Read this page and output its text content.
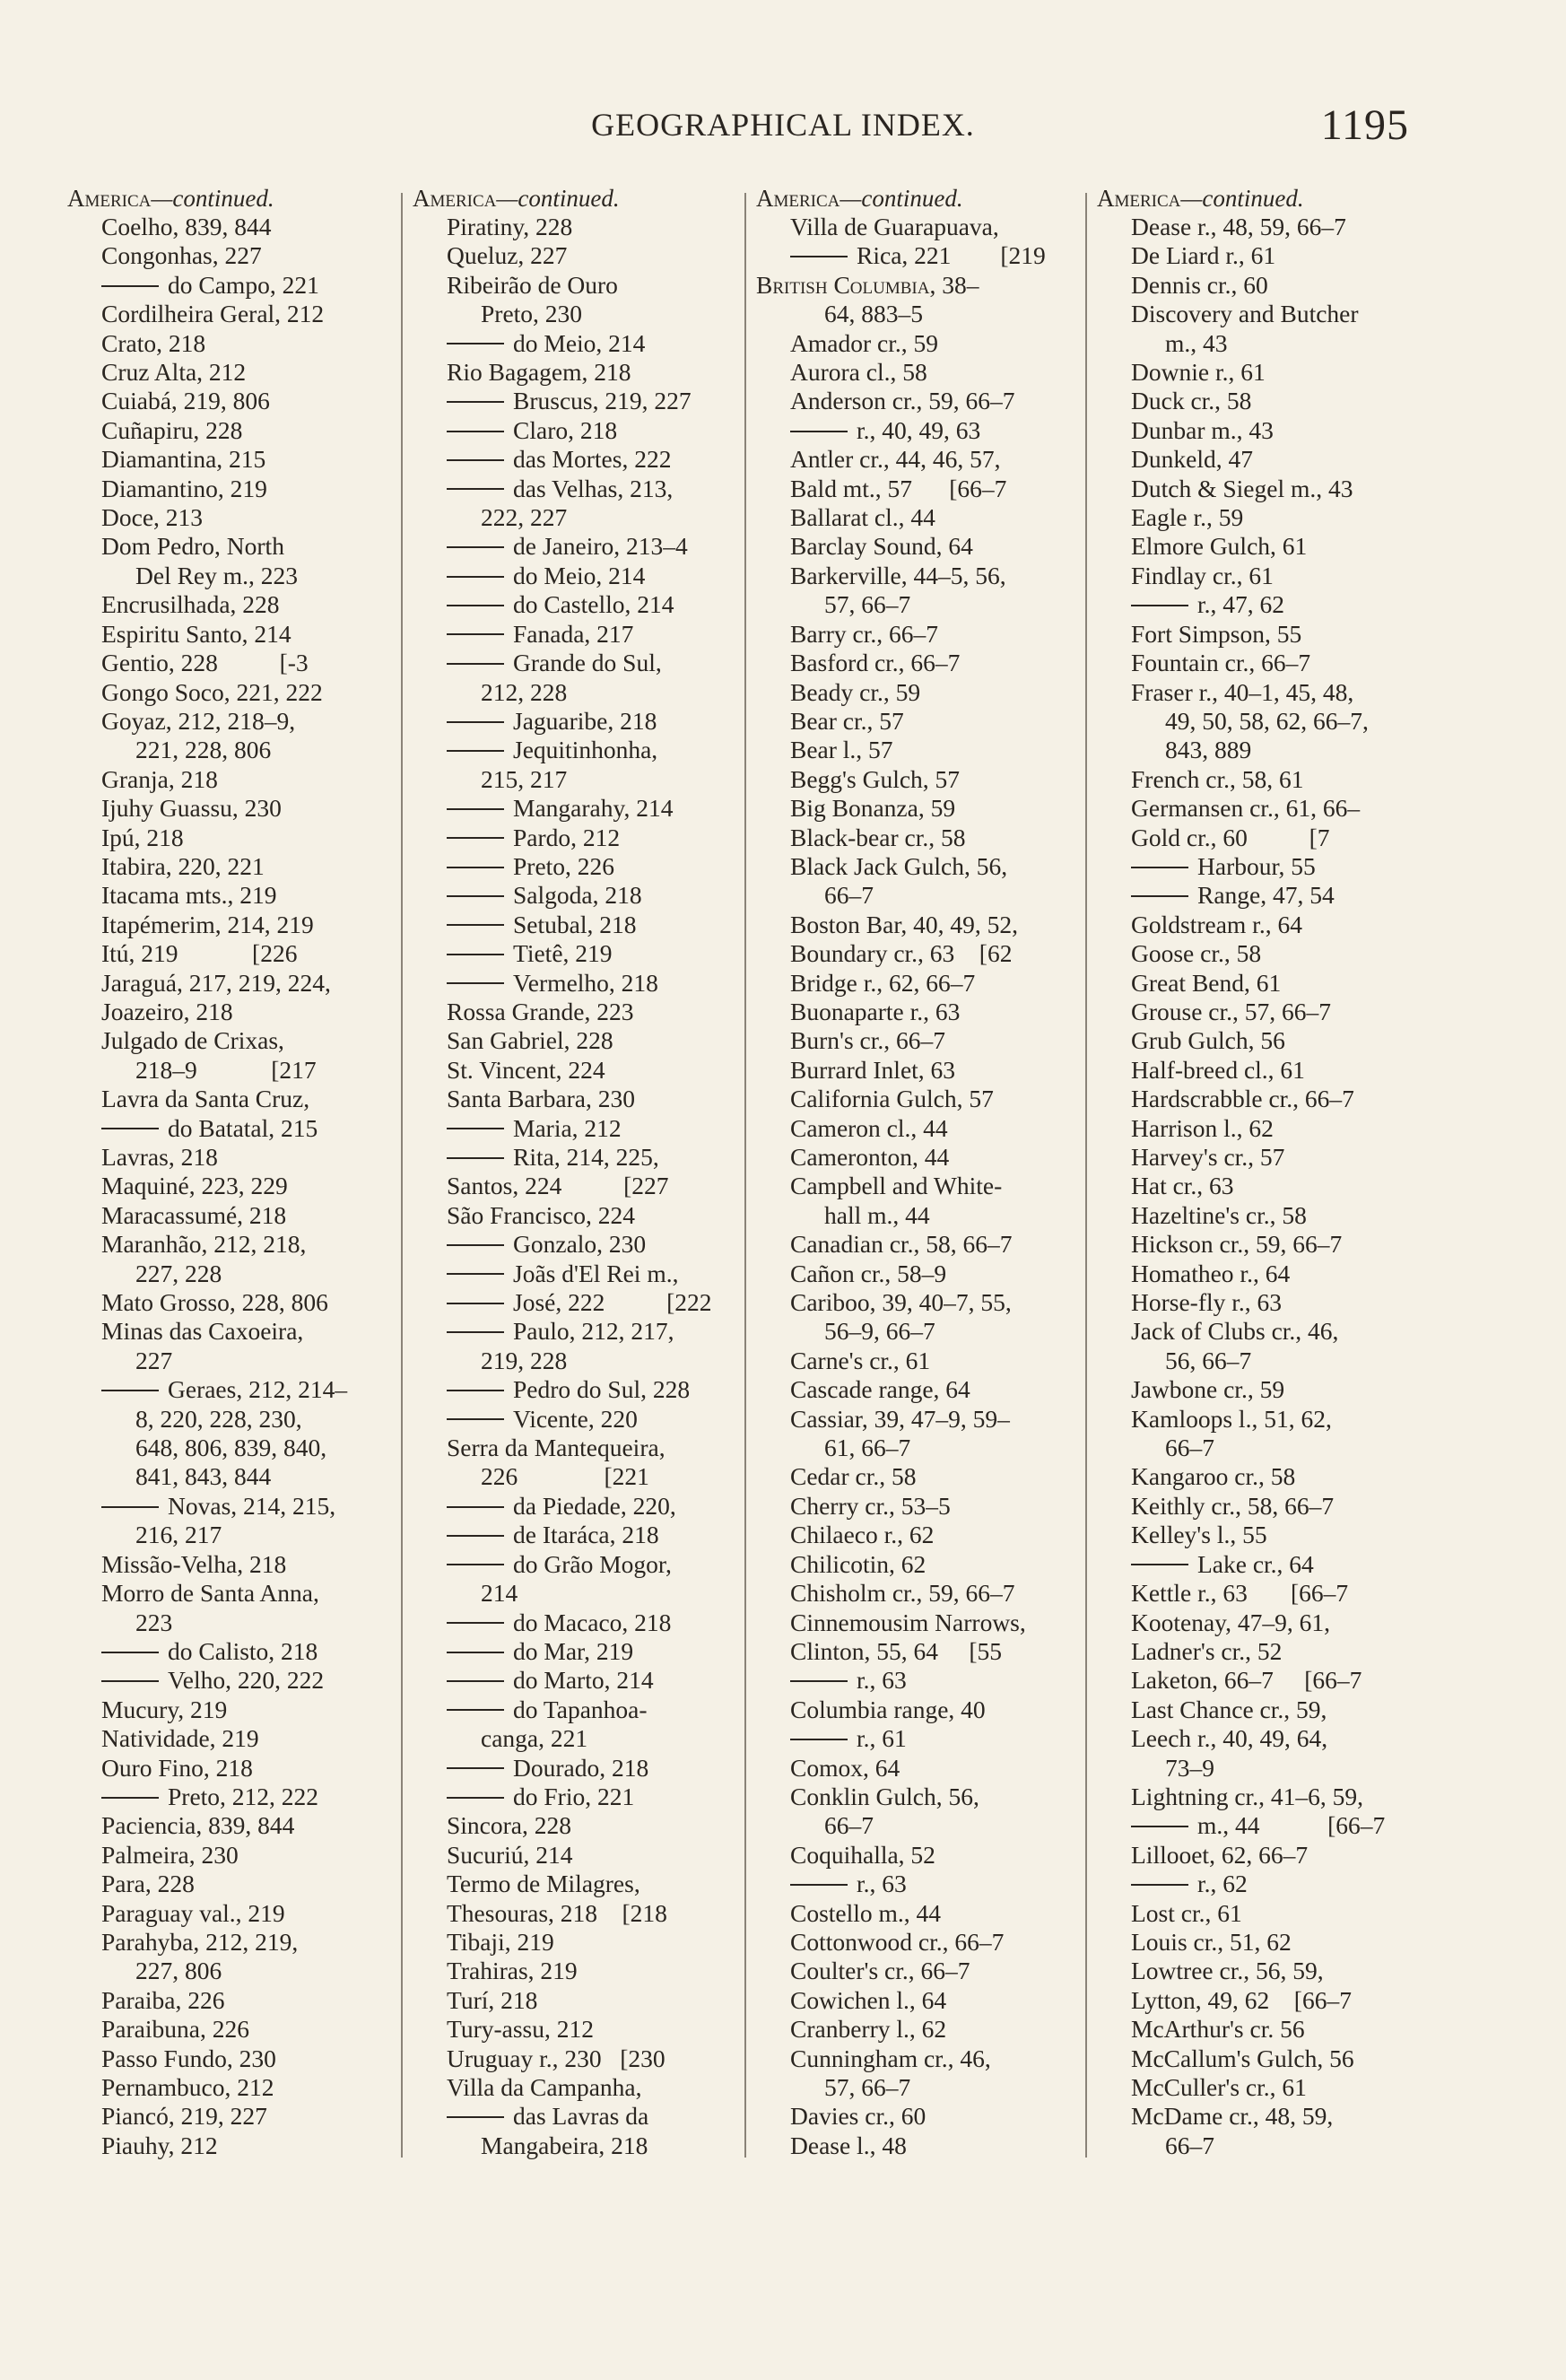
GEOGRAPHICAL INDEX.	1195
America—continued.
Coelho, 839, 844
Congonhas, 227
do Campo, 221
Cordilheira Geral, 212
Crato, 218
Cruz Alta, 212
Cuiabá, 219, 806
Cuñapiru, 228
Diamantina, 215
Diamantino, 219
Doce, 213
Dom Pedro, North
Del Rey m., 223
Encrusilhada, 228
Espiritu Santo, 214
Gentio, 228          [-3
Gongo Soco, 221, 222
Goyaz, 212, 218–9,
221, 228, 806
Granja, 218
Ijuhy Guassu, 230
Ipú, 218
Itabira, 220, 221
Itacama mts., 219
Itapémerim, 214, 219
Itú, 219            [226
Jaraguá, 217, 219, 224,
Joazeiro, 218
Julgado de Crixas,
218–9            [217
Lavra da Santa Cruz,
do Batatal, 215
Lavras, 218
Maquiné, 223, 229
Maracassumé, 218
Maranhão, 212, 218,
227, 228
Mato Grosso, 228, 806
Minas das Caxoeira,
227
Geraes, 212, 214–
8, 220, 228, 230,
648, 806, 839, 840,
841, 843, 844
Novas, 214, 215,
216, 217
Missão-Velha, 218
Morro de Santa Anna,
223
do Calisto, 218
Velho, 220, 222
Mucury, 219
Natividade, 219
Ouro Fino, 218
Preto, 212, 222
Paciencia, 839, 844
Palmeira, 230
Para, 228
Paraguay val., 219
Parahyba, 212, 219,
227, 806
Paraiba, 226
Paraibuna, 226
Passo Fundo, 230
Pernambuco, 212
Piancó, 219, 227
Piauhy, 212
America—continued.
Piratiny, 228
Queluz, 227
Ribeirão de Ouro
Preto, 230
do Meio, 214
Rio Bagagem, 218
Bruscus, 219, 227
Claro, 218
das Mortes, 222
das Velhas, 213,
222, 227
de Janeiro, 213–4
do Meio, 214
do Castello, 214
Fanada, 217
Grande do Sul,
212, 228
Jaguaribe, 218
Jequitinhonha,
215, 217
Mangarahy, 214
Pardo, 212
Preto, 226
Salgoda, 218
Setubal, 218
Tietê, 219
Vermelho, 218
Rossa Grande, 223
San Gabriel, 228
St. Vincent, 224
Santa Barbara, 230
Maria, 212
Rita, 214, 225,
Santos, 224          [227
São Francisco, 224
Gonzalo, 230
Joãs d'El Rei m.,
José, 222          [222
Paulo, 212, 217,
219, 228
Pedro do Sul, 228
Vicente, 220
Serra da Mantequeira,
226              [221
da Piedade, 220,
de Itaráca, 218
do Grão Mogor,
214
do Macaco, 218
do Mar, 219
do Marto, 214
do Tapanhoa-
canga, 221
Dourado, 218
do Frio, 221
Sincora, 228
Sucuriú, 214
Termo de Milagres,
Thesouras, 218    [218
Tibaji, 219
Trahiras, 219
Turí, 218
Tury-assu, 212
Uruguay r., 230   [230
Villa da Campanha,
das Lavras da
Mangabeira, 218
America—continued.
Villa de Guarapuava,
Rica, 221        [219
British Columbia, 38–
64, 883–5
Amador cr., 59
Aurora cl., 58
Anderson cr., 59, 66–7
r., 40, 49, 63
Antler cr., 44, 46, 57,
Bald mt., 57      [66–7
Ballarat cl., 44
Barclay Sound, 64
Barkerville, 44–5, 56,
57, 66–7
Barry cr., 66–7
Basford cr., 66–7
Beady cr., 59
Bear cr., 57
Bear l., 57
Begg's Gulch, 57
Big Bonanza, 59
Black-bear cr., 58
Black Jack Gulch, 56,
66–7
Boston Bar, 40, 49, 52,
Boundary cr., 63    [62
Bridge r., 62, 66–7
Buonaparte r., 63
Burn's cr., 66–7
Burrard Inlet, 63
California Gulch, 57
Cameron cl., 44
Cameronton, 44
Campbell and White-
hall m., 44
Canadian cr., 58, 66–7
Cañon cr., 58–9
Cariboo, 39, 40–7, 55,
56–9, 66–7
Carne's cr., 61
Cascade range, 64
Cassiar, 39, 47–9, 59–
61, 66–7
Cedar cr., 58
Cherry cr., 53–5
Chilaeco r., 62
Chilicotin, 62
Chisholm cr., 59, 66–7
Cinnemousim Narrows,
Clinton, 55, 64     [55
r., 63
Columbia range, 40
r., 61
Comox, 64
Conklin Gulch, 56,
66–7
Coquihalla, 52
r., 63
Costello m., 44
Cottonwood cr., 66–7
Coulter's cr., 66–7
Cowichen l., 64
Cranberry l., 62
Cunningham cr., 46,
57, 66–7
Davies cr., 60
Dease l., 48
America—continued.
Dease r., 48, 59, 66–7
De Liard r., 61
Dennis cr., 60
Discovery and Butcher
m., 43
Downie r., 61
Duck cr., 58
Dunbar m., 43
Dunkeld, 47
Dutch & Siegel m., 43
Eagle r., 59
Elmore Gulch, 61
Findlay cr., 61
r., 47, 62
Fort Simpson, 55
Fountain cr., 66–7
Fraser r., 40–1, 45, 48,
49, 50, 58, 62, 66–7,
843, 889
French cr., 58, 61
Germansen cr., 61, 66–
Gold cr., 60          [7
Harbour, 55
Range, 47, 54
Goldstream r., 64
Goose cr., 58
Great Bend, 61
Grouse cr., 57, 66–7
Grub Gulch, 56
Half-breed cl., 61
Hardscrabble cr., 66–7
Harrison l., 62
Harvey's cr., 57
Hat cr., 63
Hazeltine's cr., 58
Hickson cr., 59, 66–7
Homatheo r., 64
Horse-fly r., 63
Jack of Clubs cr., 46,
56, 66–7
Jawbone cr., 59
Kamloops l., 51, 62,
66–7
Kangaroo cr., 58
Keithly cr., 58, 66–7
Kelley's l., 55
Lake cr., 64
Kettle r., 63       [66–7
Kootenay, 47–9, 61,
Ladner's cr., 52
Laketon, 66–7     [66–7
Last Chance cr., 59,
Leech r., 40, 49, 64,
73–9
Lightning cr., 41–6, 59,
m., 44           [66–7
Lillooet, 62, 66–7
r., 62
Lost cr., 61
Louis cr., 51, 62
Lowtree cr., 56, 59,
Lytton, 49, 62    [66–7
McArthur's cr. 56
McCallum's Gulch, 56
McCuller's cr., 61
McDame cr., 48, 59,
66–7
